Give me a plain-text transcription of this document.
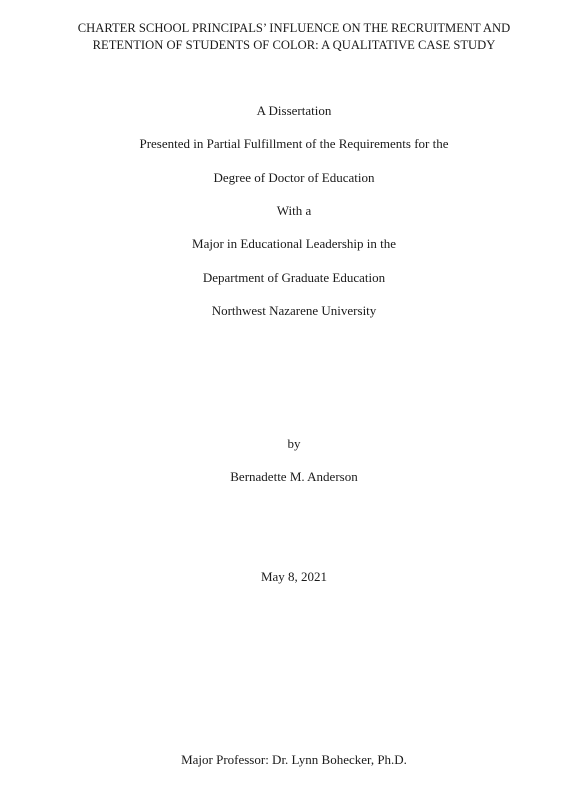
CHARTER SCHOOL PRINCIPALS’ INFLUENCE ON THE RECRUITMENT AND
RETENTION OF STUDENTS OF COLOR: A QUALITATIVE CASE STUDY
A Dissertation
Presented in Partial Fulfillment of the Requirements for the
Degree of Doctor of Education
With a
Major in Educational Leadership in the
Department of Graduate Education
Northwest Nazarene University
by
Bernadette M. Anderson
May 8, 2021
Major Professor: Dr. Lynn Bohecker, Ph.D.
